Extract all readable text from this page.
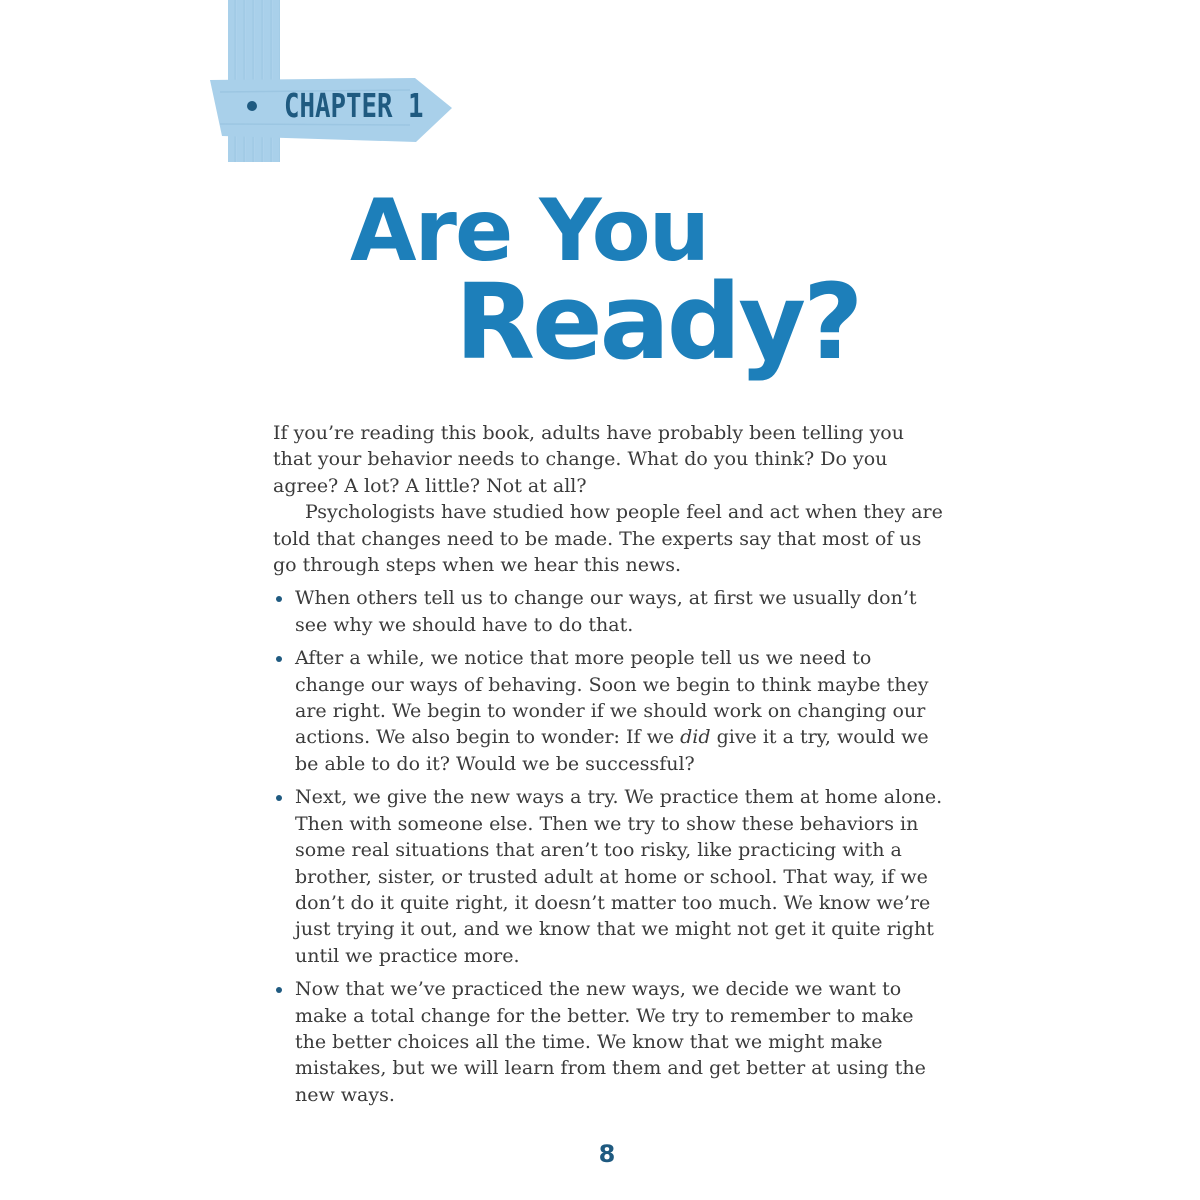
CHAPTER 1
Are You
Ready?

If you’re reading this book, adults have probably been telling you that your behavior needs to change. What do you think? Do you agree? A lot? A little? Not at all?

Psychologists have studied how people feel and act when they are told that changes need to be made. The experts say that most of us go through steps when we hear this news.

When others tell us to change our ways, at first we usually don’t see why we should have to do that.
After a while, we notice that more people tell us we need to change our ways of behaving. Soon we begin to think maybe they are right. We begin to wonder if we should work on changing our actions. We also begin to wonder: If we did give it a try, would we be able to do it? Would we be successful?
Next, we give the new ways a try. We practice them at home alone. Then with someone else. Then we try to show these behaviors in some real situations that aren’t too risky, like practicing with a brother, sister, or trusted adult at home or school. That way, if we don’t do it quite right, it doesn’t matter too much. We know we’re just trying it out, and we know that we might not get it quite right until we practice more.
Now that we’ve practiced the new ways, we decide we want to make a total change for the better. We try to remember to make the better choices all the time. We know that we might make mistakes, but we will learn from them and get better at using the new ways.
8
